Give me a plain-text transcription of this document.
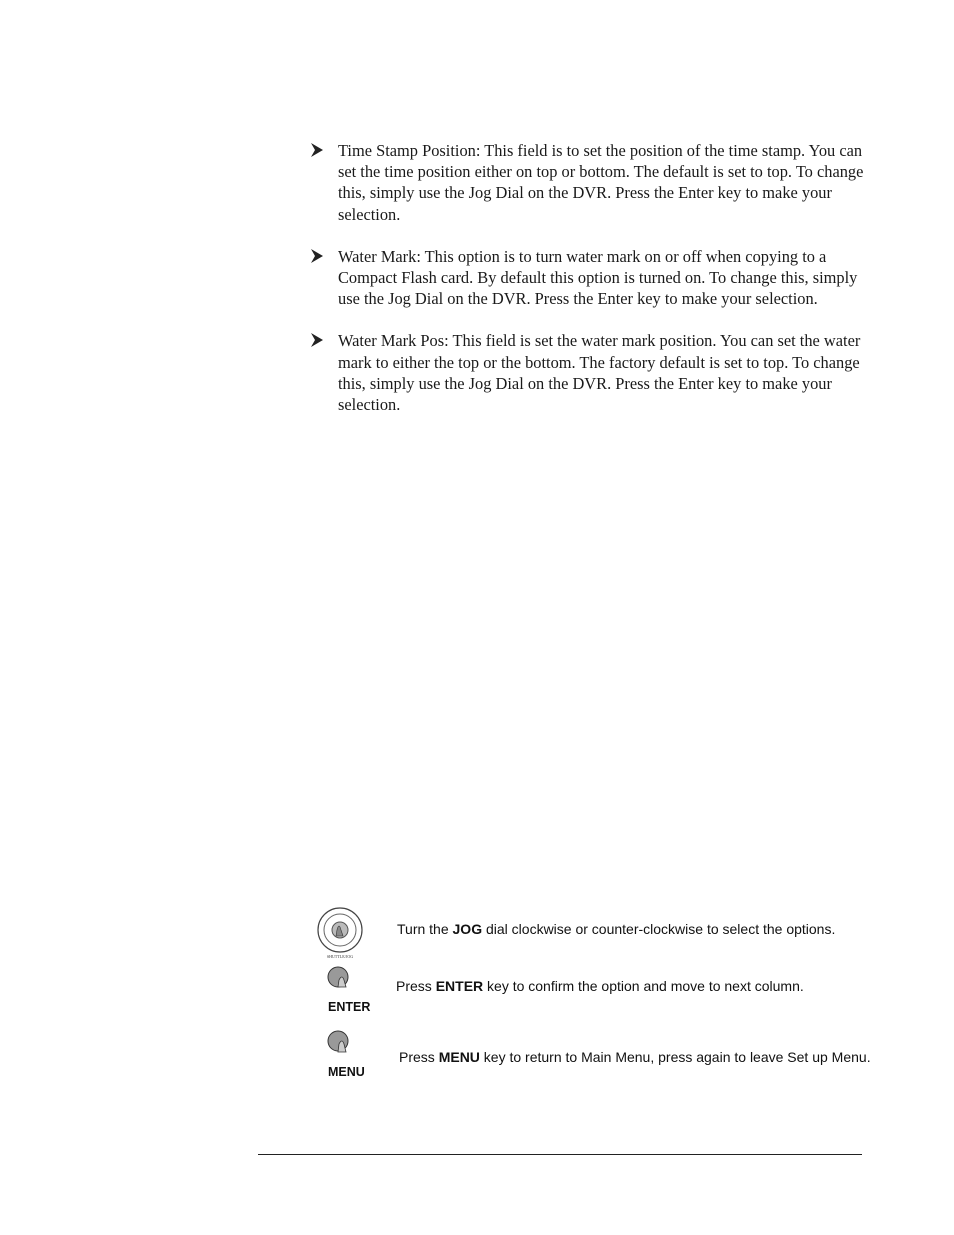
Time Stamp Position: This field is to set the position of the time stamp. You can set the time position either on top or bottom. The default is set to top. To change this, simply use the Jog Dial on the DVR. Press the Enter key to make your selection.
Water Mark: This option is to turn water mark on or off when copying to a Compact Flash card. By default this option is turned on. To change this, simply use the Jog Dial on the DVR. Press the Enter key to make your selection.
Water Mark Pos: This field is set the water mark position. You can set the water mark to either the top or the bottom. The factory default is set to top. To change this, simply use the Jog Dial on the DVR. Press the Enter key to make your selection.
SHUTTLE/JOG
Turn the JOG dial clockwise or counter-clockwise to select the options.
ENTER
Press ENTER key to confirm the option and move to next column.
MENU
Press MENU key to return to Main Menu, press again to leave Set up Menu.
